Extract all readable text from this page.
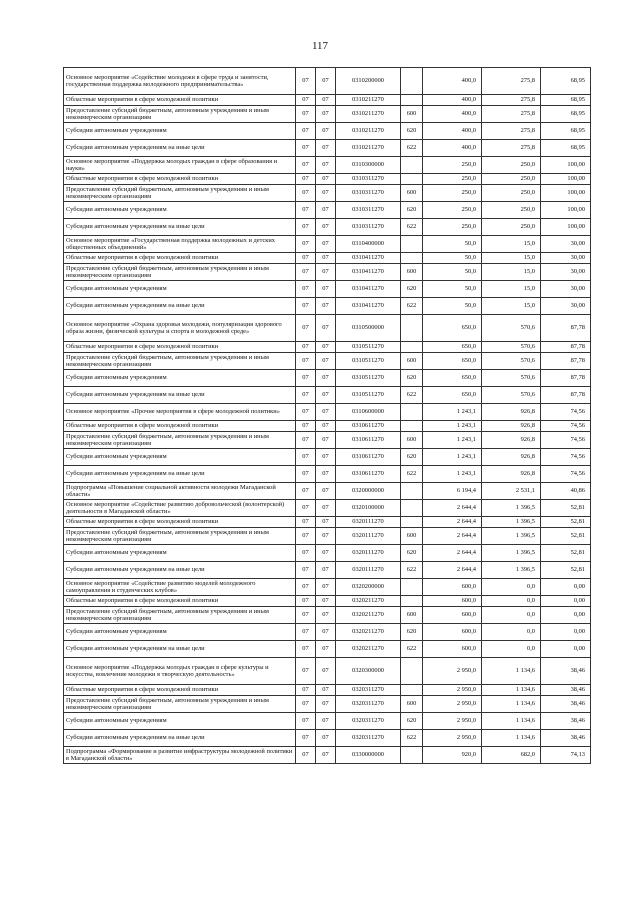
117
Основное мероприятие «Содействие молодежи в сфере труда и занятости, государственная поддержка молодежного предпринимательства»	07	07	0310200000		400,0	275,8	68,95
Областные мероприятия в сфере молодежной политики	07	07	0310211270		400,0	275,8	68,95
Предоставление субсидий бюджетным, автономным учреждениям и иным некоммерческим организациям	07	07	0310211270	600	400,0	275,8	68,95
Субсидии автономным учреждениям	07	07	0310211270	620	400,0	275,8	68,95
Субсидии автономным учреждениям на иные цели	07	07	0310211270	622	400,0	275,8	68,95
Основное мероприятие «Поддержка молодых граждан в сфере образования и науки»	07	07	0310300000		250,0	250,0	100,00
Областные мероприятия в сфере молодежной политики	07	07	0310311270		250,0	250,0	100,00
Предоставление субсидий бюджетным, автономным учреждениям и иным некоммерческим организациям	07	07	0310311270	600	250,0	250,0	100,00
Субсидии автономным учреждениям	07	07	0310311270	620	250,0	250,0	100,00
Субсидии автономным учреждениям на иные цели	07	07	0310311270	622	250,0	250,0	100,00
Основное мероприятие «Государственная поддержка молодежных и детских общественных объединений»	07	07	0310400000		50,0	15,0	30,00
Областные мероприятия в сфере молодежной политики	07	07	0310411270		50,0	15,0	30,00
Предоставление субсидий бюджетным, автономным учреждениям и иным некоммерческим организациям	07	07	0310411270	600	50,0	15,0	30,00
Субсидии автономным учреждениям	07	07	0310411270	620	50,0	15,0	30,00
Субсидии автономным учреждениям на иные цели	07	07	0310411270	622	50,0	15,0	30,00
Основное мероприятие «Охрана здоровья молодежи, популяризация здорового образа жизни, физической культуры и спорта в молодежной среде»	07	07	0310500000		650,0	570,6	87,78
Областные мероприятия в сфере молодежной политики	07	07	0310511270		650,0	570,6	87,78
Предоставление субсидий бюджетным, автономным учреждениям и иным некоммерческим организациям	07	07	0310511270	600	650,0	570,6	87,78
Субсидии автономным учреждениям	07	07	0310511270	620	650,0	570,6	87,78
Субсидии автономным учреждениям на иные цели	07	07	0310511270	622	650,0	570,6	87,78
Основное мероприятие «Прочие мероприятия в сфере молодежной политики»	07	07	0310600000		1 243,1	926,8	74,56
Областные мероприятия в сфере молодежной политики	07	07	0310611270		1 243,1	926,8	74,56
Предоставление субсидий бюджетным, автономным учреждениям и иным некоммерческим организациям	07	07	0310611270	600	1 243,1	926,8	74,56
Субсидии автономным учреждениям	07	07	0310611270	620	1 243,1	926,8	74,56
Субсидии автономным учреждениям на иные цели	07	07	0310611270	622	1 243,1	926,8	74,56
Подпрограмма «Повышение социальной активности молодежи Магаданской области»	07	07	0320000000		6 194,4	2 531,1	40,86
Основное мероприятие «Содействие развитию добровольческой (волонтерской) деятельности в Магаданской области»	07	07	0320100000		2 644,4	1 396,5	52,81
Областные мероприятия в сфере молодежной политики	07	07	0320111270		2 644,4	1 396,5	52,81
Предоставление субсидий бюджетным, автономным учреждениям и иным некоммерческим организациям	07	07	0320111270	600	2 644,4	1 396,5	52,81
Субсидии автономным учреждениям	07	07	0320111270	620	2 644,4	1 396,5	52,81
Субсидии автономным учреждениям на иные цели	07	07	0320111270	622	2 644,4	1 396,5	52,81
Основное мероприятие «Содействие развитию моделей молодежного самоуправления и студенческих клубов»	07	07	0320200000		600,0	0,0	0,00
Областные мероприятия в сфере молодежной политики	07	07	0320211270		600,0	0,0	0,00
Предоставление субсидий бюджетным, автономным учреждениям и иным некоммерческим организациям	07	07	0320211270	600	600,0	0,0	0,00
Субсидии автономным учреждениям	07	07	0320211270	620	600,0	0,0	0,00
Субсидии автономным учреждениям на иные цели	07	07	0320211270	622	600,0	0,0	0,00
Основное мероприятие «Поддержка молодых граждан в сфере культуры и искусства, вовлечение молодежи в творческую деятельность»	07	07	0320300000		2 950,0	1 134,6	38,46
Областные мероприятия в сфере молодежной политики	07	07	0320311270		2 950,0	1 134,6	38,46
Предоставление субсидий бюджетным, автономным учреждениям и иным некоммерческим организациям	07	07	0320311270	600	2 950,0	1 134,6	38,46
Субсидии автономным учреждениям	07	07	0320311270	620	2 950,0	1 134,6	38,46
Субсидии автономным учреждениям на иные цели	07	07	0320311270	622	2 950,0	1 134,6	38,46
Подпрограмма «Формирование и развитие инфраструктуры молодежной политики в Магаданской области»	07	07	0330000000		920,0	682,0	74,13
